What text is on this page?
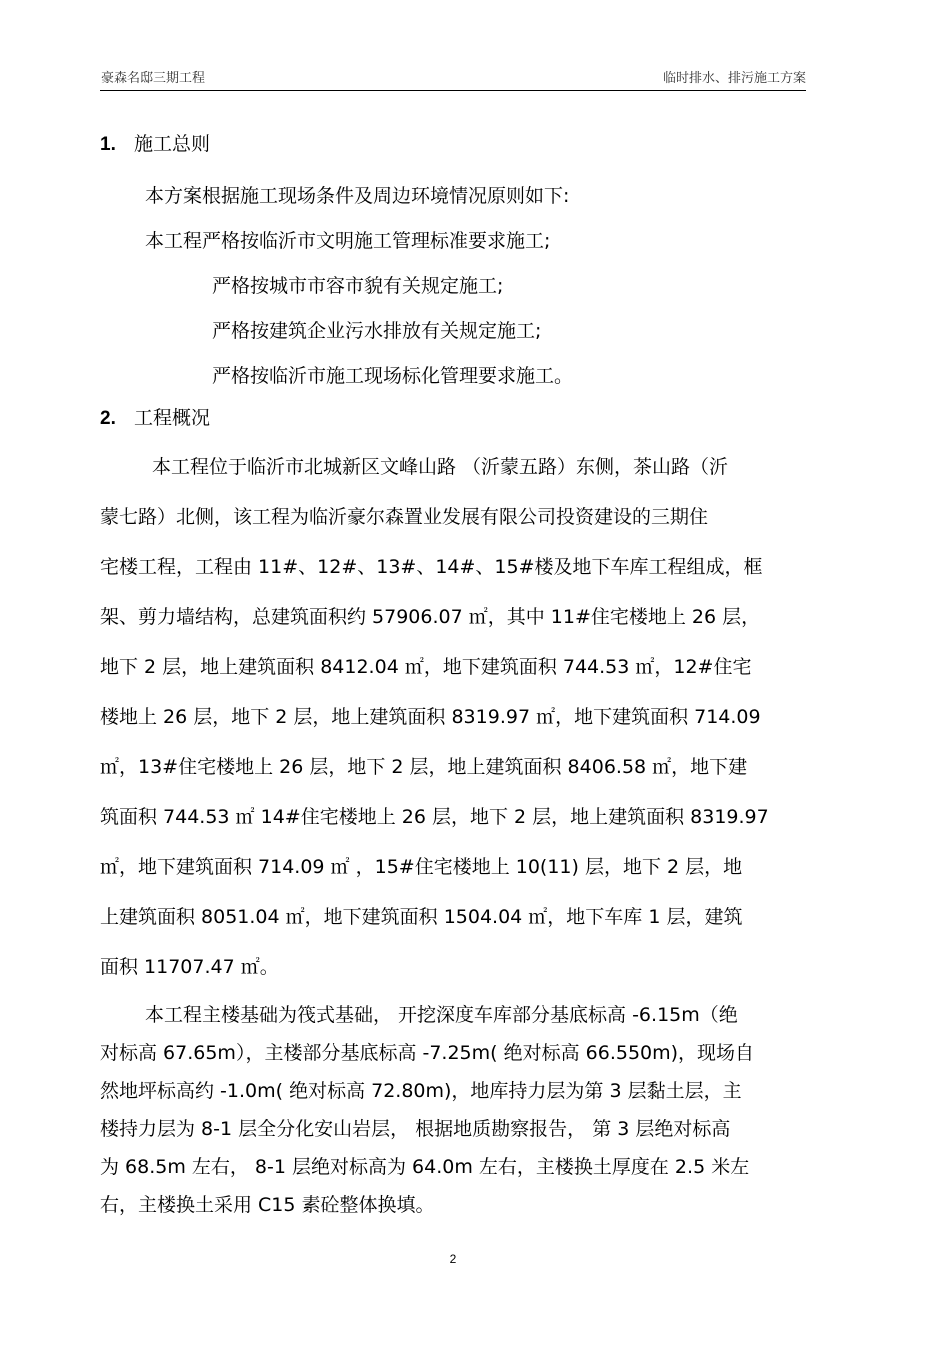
豪森名邸三期工程	临时排水、排污施工方案
1. 施工总则
本方案根据施工现场条件及周边环境情况原则如下:
本工程严格按临沂市文明施工管理标准要求施工;
严格按城市市容市貌有关规定施工;
严格按建筑企业污水排放有关规定施工;
严格按临沂市施工现场标化管理要求施工。
2. 工程概况
本工程位于临沂市北城新区文峰山路 （沂蒙五路）东侧，茶山路（沂
蒙七路）北侧，该工程为临沂豪尔森置业发展有限公司投资建设的三期住
宅楼工程，工程由 11#、12#、13#、14#、15#楼及地下车库工程组成，框
架、剪力墙结构，总建筑面积约 57906.07 ㎡，其中 11#住宅楼地上 26 层，
地下 2 层，地上建筑面积 8412.04 ㎡，地下建筑面积 744.53 ㎡，12#住宅
楼地上 26 层，地下 2 层，地上建筑面积 8319.97 ㎡，地下建筑面积 714.09
㎡，13#住宅楼地上 26 层，地下 2 层，地上建筑面积 8406.58 ㎡，地下建
筑面积 744.53 ㎡ 14#住宅楼地上 26 层，地下 2 层，地上建筑面积 8319.97
㎡，地下建筑面积 714.09 ㎡ ，15#住宅楼地上 10(11) 层，地下 2 层，地
上建筑面积 8051.04 ㎡，地下建筑面积 1504.04 ㎡，地下车库 1 层，建筑
面积 11707.47 ㎡。
本工程主楼基础为筏式基础， 开挖深度车库部分基底标高 -6.15m（绝
对标高 67.65m），主楼部分基底标高 -7.25m( 绝对标高 66.550m)，现场自
然地坪标高约 -1.0m( 绝对标高 72.80m)，地库持力层为第 3 层黏土层，主
楼持力层为 8-1 层全分化安山岩层， 根据地质勘察报告， 第 3 层绝对标高
为 68.5m 左右， 8-1 层绝对标高为 64.0m 左右，主楼换土厚度在 2.5 米左
右，主楼换土采用 C15 素砼整体换填。
2
